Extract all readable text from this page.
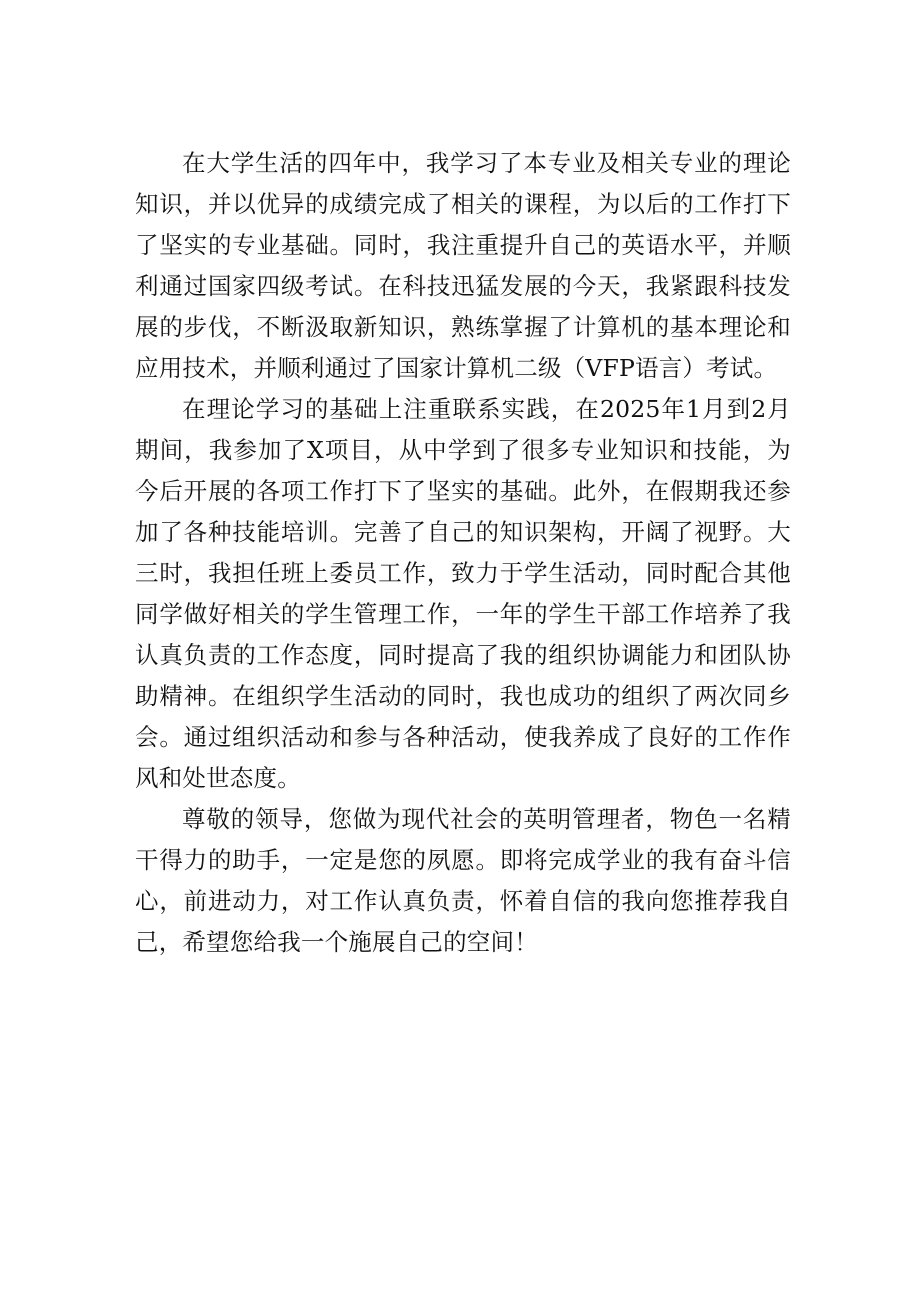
在大学生活的四年中，我学习了本专业及相关专业的理论知识，并以优异的成绩完成了相关的课程，为以后的工作打下了坚实的专业基础。同时，我注重提升自己的英语水平，并顺利通过国家四级考试。在科技迅猛发展的今天，我紧跟科技发展的步伐，不断汲取新知识，熟练掌握了计算机的基本理论和应用技术，并顺利通过了国家计算机二级（VFP语言）考试。

在理论学习的基础上注重联系实践，在2025年1月到2月期间，我参加了X项目，从中学到了很多专业知识和技能，为今后开展的各项工作打下了坚实的基础。此外，在假期我还参加了各种技能培训。完善了自己的知识架构，开阔了视野。大三时，我担任班上委员工作，致力于学生活动，同时配合其他同学做好相关的学生管理工作，一年的学生干部工作培养了我认真负责的工作态度，同时提高了我的组织协调能力和团队协助精神。在组织学生活动的同时，我也成功的组织了两次同乡会。通过组织活动和参与各种活动，使我养成了良好的工作作风和处世态度。

尊敬的领导，您做为现代社会的英明管理者，物色一名精干得力的助手，一定是您的夙愿。即将完成学业的我有奋斗信心，前进动力，对工作认真负责，怀着自信的我向您推荐我自己，希望您给我一个施展自己的空间！
